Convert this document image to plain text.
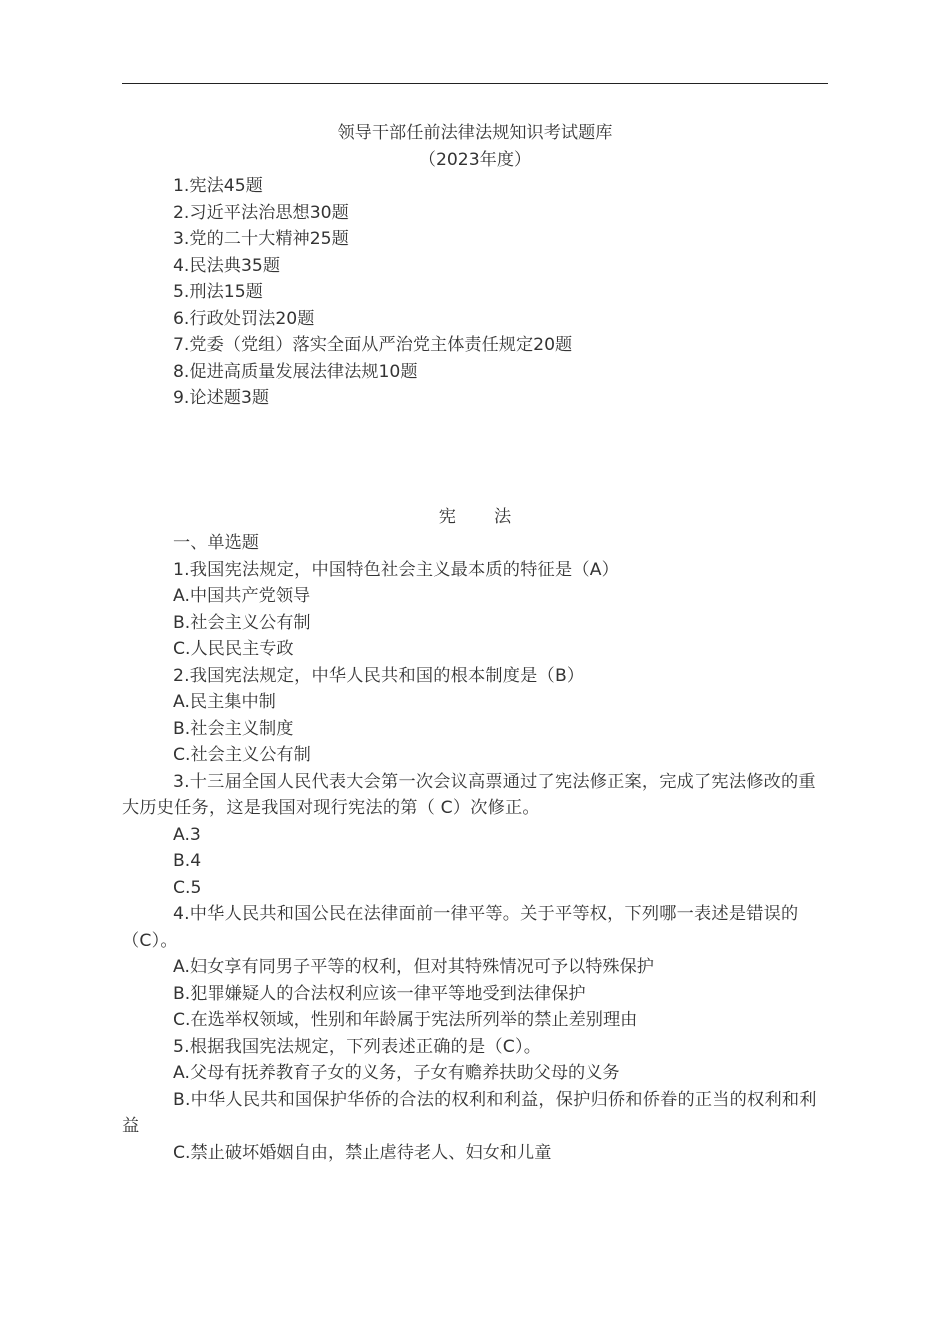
领导干部任前法律法规知识考试题库

（2023年度）

1.宪法45题

2.习近平法治思想30题

3.党的二十大精神25题

4.民法典35题

5.刑法15题

6.行政处罚法20题

7.党委（党组）落实全面从严治党主体责任规定20题

8.促进高质量发展法律法规10题

9.论述题3题

宪法

一、单选题

1.我国宪法规定，中国特色社会主义最本质的特征是（A）

A.中国共产党领导

B.社会主义公有制

C.人民民主专政

2.我国宪法规定，中华人民共和国的根本制度是（B）

A.民主集中制

B.社会主义制度

C.社会主义公有制

3.十三届全国人民代表大会第一次会议高票通过了宪法修正案，完成了宪法修改的重大历史任务，这是我国对现行宪法的第（ C）次修正。

A.3

B.4

C.5

4.中华人民共和国公民在法律面前一律平等。关于平等权，下列哪一表述是错误的（C）。

A.妇女享有同男子平等的权利，但对其特殊情况可予以特殊保护

B.犯罪嫌疑人的合法权利应该一律平等地受到法律保护

C.在选举权领域，性别和年龄属于宪法所列举的禁止差别理由

5.根据我国宪法规定，下列表述正确的是（C）。

A.父母有抚养教育子女的义务，子女有赡养扶助父母的义务

B.中华人民共和国保护华侨的合法的权利和利益，保护归侨和侨眷的正当的权利和利益

C.禁止破坏婚姻自由，禁止虐待老人、妇女和儿童
